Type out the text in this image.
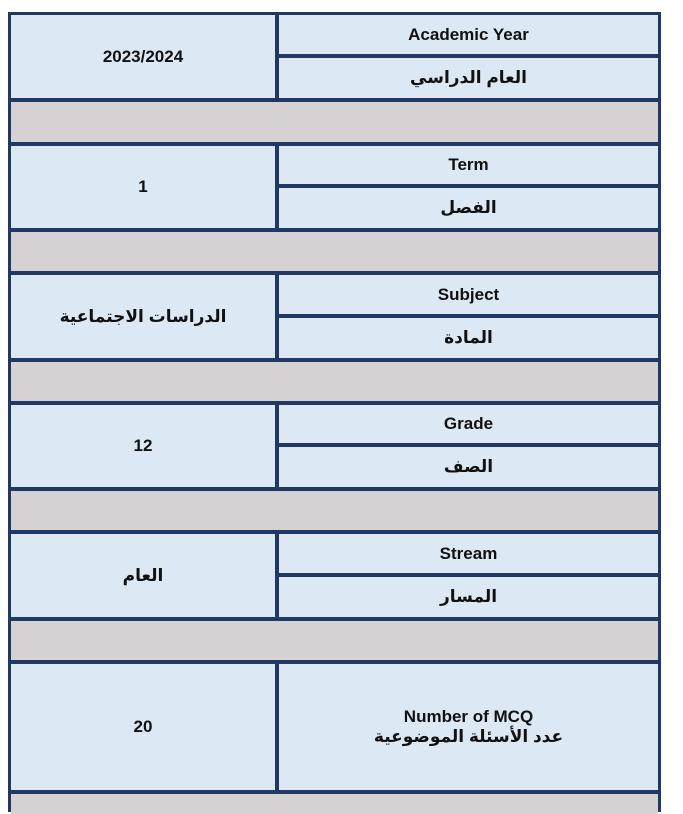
2023/2024
Academic Year
العام الدراسي
1
Term
الفصل
الدراسات الاجتماعية
Subject
المادة
12
Grade
الصف
العام
Stream
المسار
20
Number of MCQ
عدد الأسئلة الموضوعية
